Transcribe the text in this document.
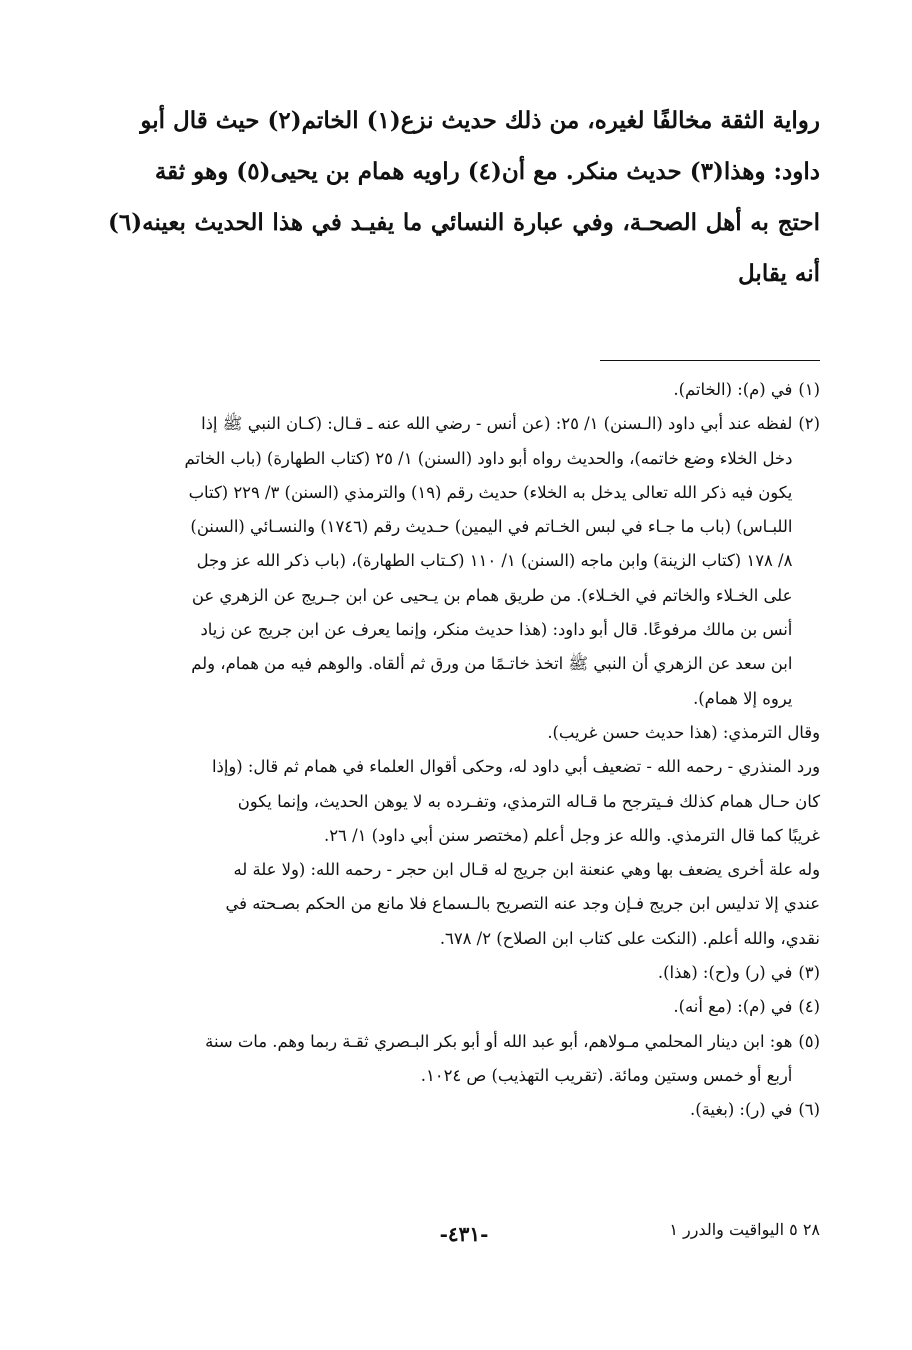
رواية الثقة مخالفًا لغيره، من ذلك حديث نزع(١) الخاتم(٢) حيث قال أبو

داود: وهذا(٣) حديث منكر. مع أن(٤) راويه همام بن يحيى(٥) وهو ثقة

احتج به أهل الصحـة، وفي عبارة النسائي ما يفيـد في هذا الحديث بعينه(٦) أنه يقابل

(١)

في (م): (الخاتم).

(٢)

لفظه عند أبي داود (الـسنن) ١/ ٢٥: (عن أنس - رضي الله عنه ـ قـال: (كـان النبي ﷺ إذا

دخل الخلاء وضع خاتمه)، والحديث رواه أبو داود (السنن) ١/ ٢٥ (كتاب الطهارة) (باب الخاتم

يكون فيه ذكر الله تعالى يدخل به الخلاء) حديث رقم (١٩) والترمذي (السنن) ٣/ ٢٢٩ (كتاب

اللبـاس) (باب ما جـاء في لبس الخـاتم في اليمين) حـديث رقم (١٧٤٦) والنسـائي (السنن)

٨/ ١٧٨ (كتاب الزينة) وابن ماجه (السنن) ١/ ١١٠ (كـتاب الطهارة)، (باب ذكر الله عز وجل

على الخـلاء والخاتم في الخـلاء). من طريق همام بن يـحيى عن ابن جـريج عن الزهري عن

أنس بن مالك مرفوعًا. قال أبو داود: (هذا حديث منكر، وإنما يعرف عن ابن جريج عن زياد

ابن سعد عن الزهري أن النبي ﷺ اتخذ خاتـمًا من ورق ثم ألقاه. والوهم فيه من همام، ولم

يروه إلا همام).

وقال الترمذي: (هذا حديث حسن غريب).

ورد المنذري - رحمه الله - تضعيف أبي داود له، وحكى أقوال العلماء في همام ثم قال: (وإذا

كان حـال همام كذلك فـيترجح ما قـاله الترمذي، وتفـرده به لا يوهن الحديث، وإنما يكون

غريبًا كما قال الترمذي. والله عز وجل أعلم (مختصر سنن أبي داود) ١/ ٢٦.

وله علة أخرى يضعف بها وهي عنعنة ابن جريج له قـال ابن حجر - رحمه الله: (ولا علة له

عندي إلا تدليس ابن جريج فـإن وجد عنه التصريح بالـسماع فلا مانع من الحكم بصـحته في

نقدي، والله أعلم. (النكت على كتاب ابن الصلاح) ٢/ ٦٧٨.

(٣)

في (ر) و(ح): (هذا).

(٤)

في (م): (مع أنه).

(٥)

هو: ابن دينار المحلمي مـولاهم، أبو عبد الله أو أبو بكر البـصري ثقـة ربما وهم. مات سنة

أربع أو خمس وستين ومائة. (تقريب التهذيب) ص ١٠٢٤.

(٦)

في (ر): (بغية).

٢٨ ٥ اليواقيت والدرر ١
-٤٣١-
